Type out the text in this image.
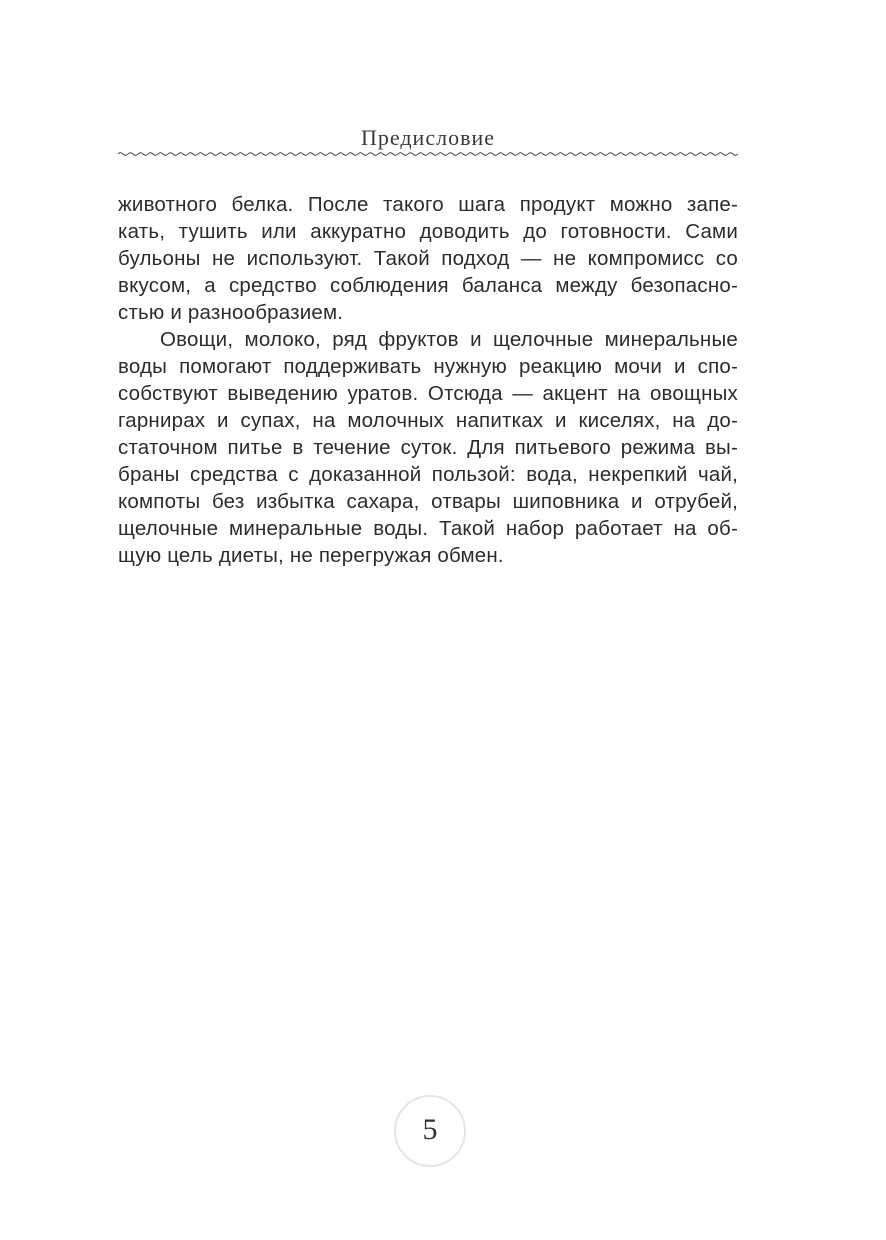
Предисловие
животного белка. После такого шага продукт можно запе-
кать, тушить или аккуратно доводить до готовности. Сами
бульоны не используют. Такой подход — не компромисс со
вкусом, а средство соблюдения баланса между безопасно-
стью и разнообразием.
Овощи, молоко, ряд фруктов и щелочные минеральные
воды помогают поддерживать нужную реакцию мочи и спо-
собствуют выведению уратов. Отсюда — акцент на овощных
гарнирах и супах, на молочных напитках и киселях, на до-
статочном питье в течение суток. Для питьевого режима вы-
браны средства с доказанной пользой: вода, некрепкий чай,
компоты без избытка сахара, отвары шиповника и отрубей,
щелочные минеральные воды. Такой набор работает на об-
щую цель диеты, не перегружая обмен.
5
